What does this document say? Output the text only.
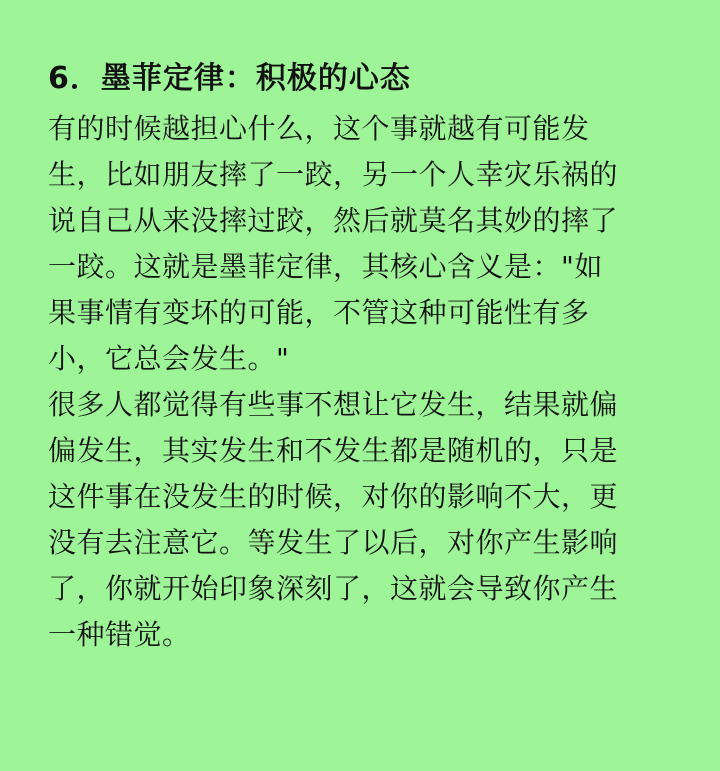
6．墨菲定律：积极的心态

有的时候越担心什么，这个事就越有可能发

生，比如朋友摔了一跤，另一个人幸灾乐祸的

说自己从来没摔过跤，然后就莫名其妙的摔了

一跤。这就是墨菲定律，其核心含义是："如

果事情有变坏的可能，不管这种可能性有多

小，它总会发生。"

很多人都觉得有些事不想让它发生，结果就偏

偏发生，其实发生和不发生都是随机的，只是

这件事在没发生的时候，对你的影响不大，更

没有去注意它。等发生了以后，对你产生影响

了，你就开始印象深刻了，这就会导致你产生

一种错觉。
